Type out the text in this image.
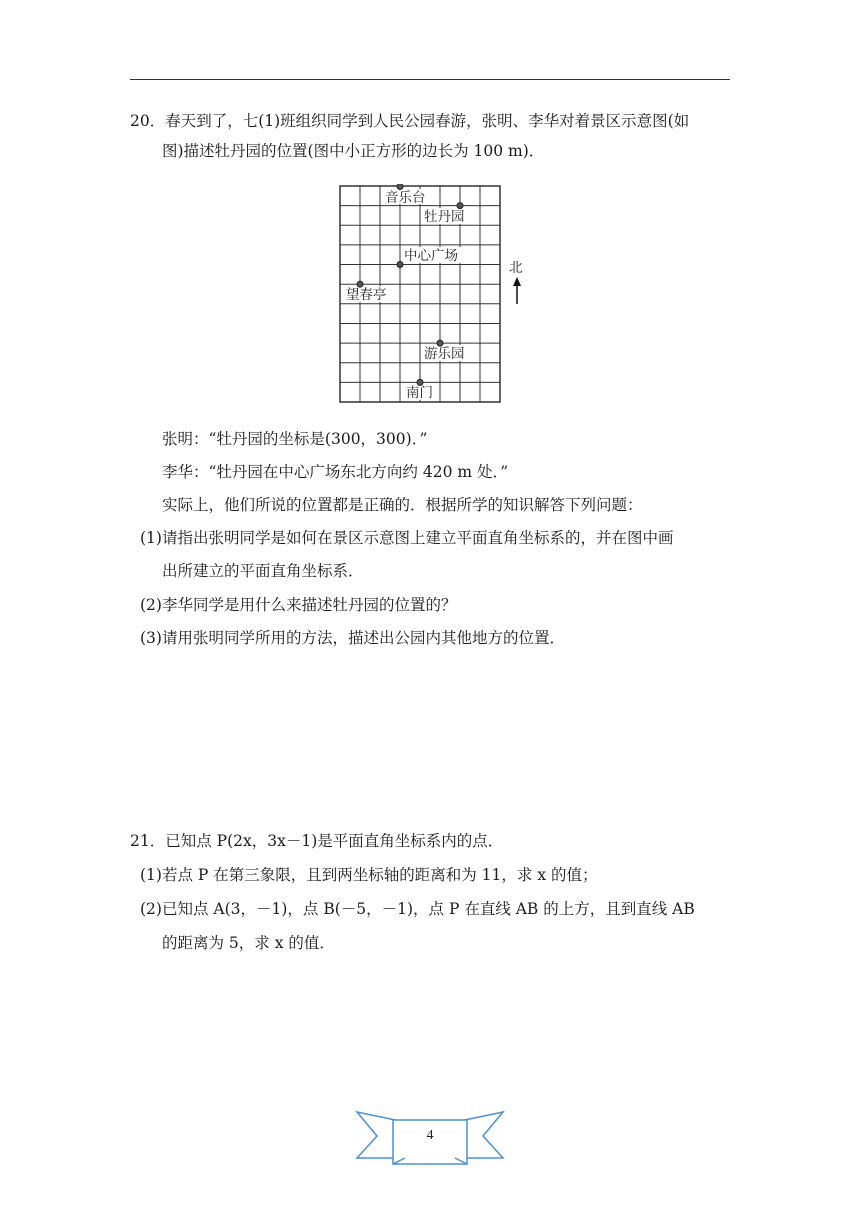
20．春天到了，七(1)班组织同学到人民公园春游，张明、李华对着景区示意图(如
图)描述牡丹园的位置(图中小正方形的边长为 100 m)．
音乐台
牡丹园
中心广场
望春亭
游乐园
南门
北
张明：“牡丹园的坐标是(300，300)．”
李华：“牡丹园在中心广场东北方向约 420 m 处．”
实际上，他们所说的位置都是正确的．根据所学的知识解答下列问题：
(1)请指出张明同学是如何在景区示意图上建立平面直角坐标系的，并在图中画
出所建立的平面直角坐标系．
(2)李华同学是用什么来描述牡丹园的位置的？
(3)请用张明同学所用的方法，描述出公园内其他地方的位置．
21．已知点 P(2x，3x－1)是平面直角坐标系内的点．
(1)若点 P 在第三象限，且到两坐标轴的距离和为 11，求 x 的值；
(2)已知点 A(3，－1)，点 B(－5，－1)，点 P 在直线 AB 的上方，且到直线 AB
的距离为 5，求 x 的值．
4
